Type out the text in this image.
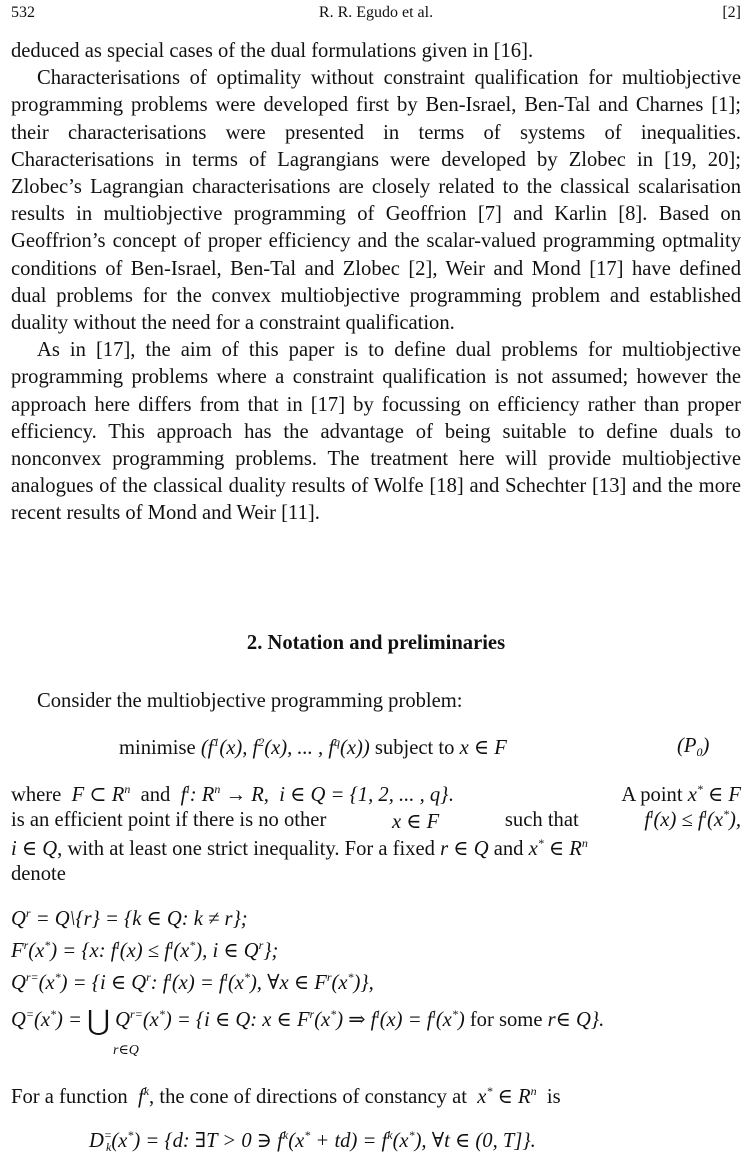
532	R. R. Egudo et al.	[2]

deduced as special cases of the dual formulations given in [16].

Characterisations of optimality without constraint qualification for multiobjective programming problems were developed first by Ben-Israel, Ben-Tal and Charnes [1]; their characterisations were presented in terms of systems of inequalities. Characterisations in terms of Lagrangians were developed by Zlobec in [19, 20]; Zlobec’s Lagrangian characterisations are closely related to the classical scalarisation results in multiobjective programming of Geoffrion [7] and Karlin [8]. Based on Geoffrion’s concept of proper efficiency and the scalar-valued programming optmality conditions of Ben-Israel, Ben-Tal and Zlobec [2], Weir and Mond [17] have defined dual problems for the convex multiobjective programming problem and established duality without the need for a constraint qualification.

As in [17], the aim of this paper is to define dual problems for multiobjective programming problems where a constraint qualification is not assumed; however the approach here differs from that in [17] by focussing on efficiency rather than proper efficiency. This approach has the advantage of being suitable to define duals to nonconvex programming problems. The treatment here will provide multiobjective analogues of the classical duality results of Wolfe [18] and Schechter [13] and the more recent results of Mond and Weir [11].

2. Notation and preliminaries
Consider the multiobjective programming problem:
minimise ($f^1(x)$, $f^2(x)$, ... , $f^q(x)$) subject to x ∈ F	$(P_0)$
where F ⊂ $R^n$ and $f^i$: $R^n \to R$,  i ∈ Q = {1, 2, ... , q}.	A point x* ∈ F
is an efficient point if there is no other	x ∈ F	such that	$f^i(x) \le f^i(x^*)$,
i ∈ Q, with at least one strict inequality. For a fixed r ∈ Q and x* ∈ $R^n$
denote
$Q^r$ = Q\{r} = {k ∈ Q: k ≠ r};
$F^r(x^*) = \{x$: $f^i(x) \le f^i(x^*)$, i ∈ $Q^r$};
$Q^{r=}(x^*) = \{i$ ∈ $Q^r$: $f^i(x) = f^i(x^*)$, ∀x ∈ $F^r(x^*)$},
Q=(x*) = ⋃ $Q^{r=}(x^*) = \{i$ ∈ Q: x ∈ $F^r(x^*)$ ⇒ $f^i(x) = f^i(x^*)$ for some r∈ Q}.
r∈Q
For a function $f^k$, the cone of directions of constancy at x* ∈ $R^n$ is
$D^=_k(x^*) = \{d$: ∃T > 0 ∋ $f^k(x^* + td) = f^k(x^*)$, ∀t ∈ (0, T]}.
